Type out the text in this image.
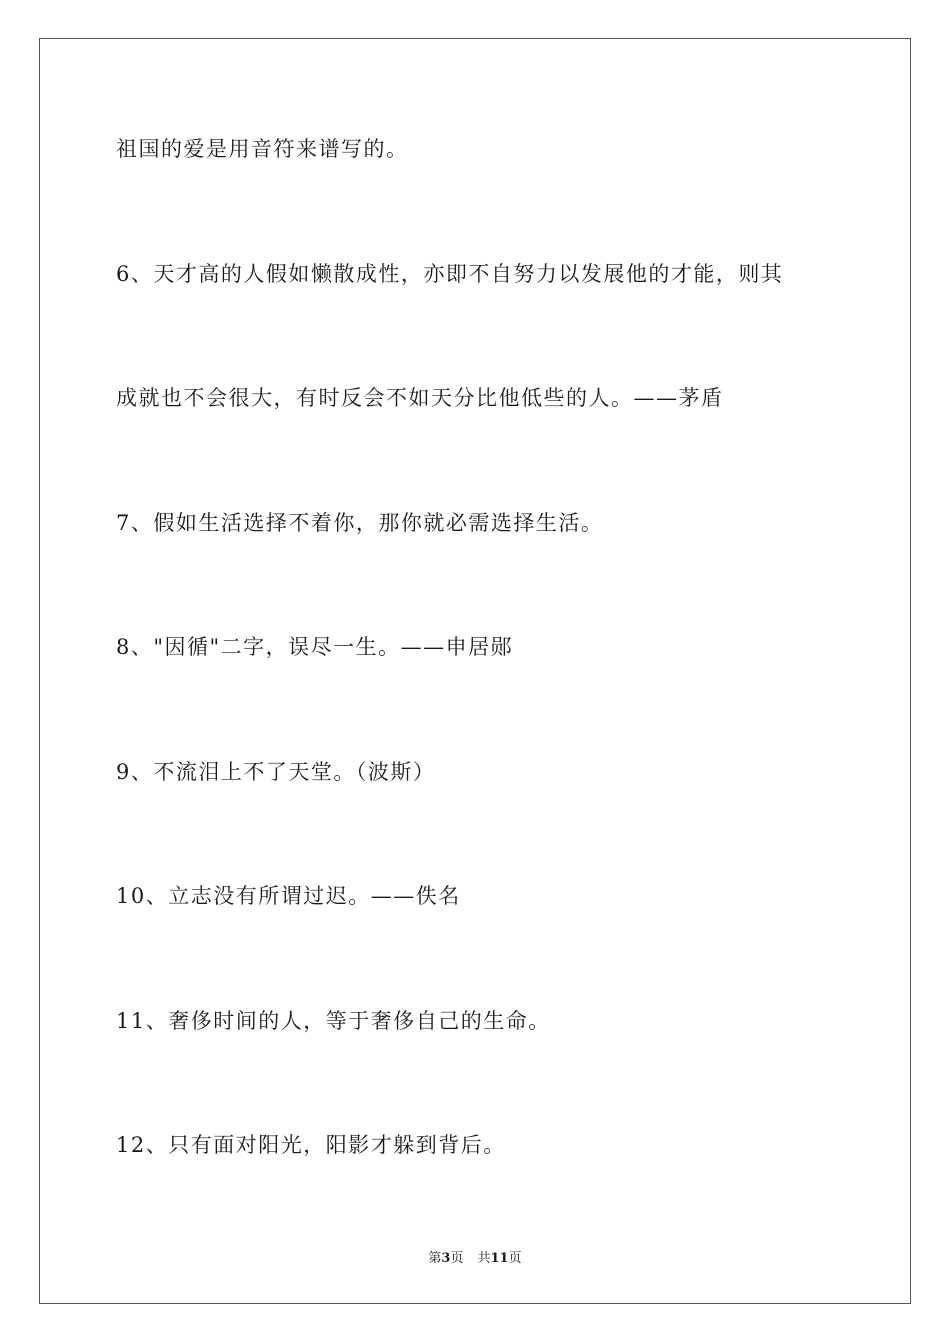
祖国的爱是用音符来谱写的。
6、天才高的人假如懒散成性，亦即不自努力以发展他的才能，则其
成就也不会很大，有时反会不如天分比他低些的人。——茅盾
7、假如生活选择不着你，那你就必需选择生活。
8、"因循"二字，误尽一生。——申居郧
9、不流泪上不了天堂。（波斯）
10、立志没有所谓过迟。——佚名
11、奢侈时间的人，等于奢侈自己的生命。
12、只有面对阳光，阳影才躲到背后。
第3页 共11页
